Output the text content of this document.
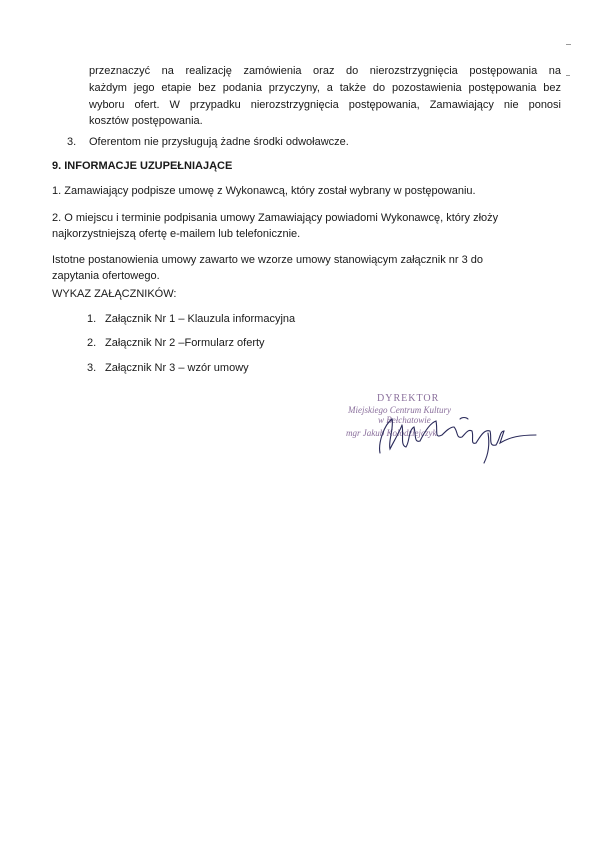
przeznaczyć na realizację zamówienia oraz do nierozstrzygnięcia postępowania na

każdym jego etapie bez podania przyczyny, a także do pozostawienia postępowania bez

wyboru ofert. W przypadku nierozstrzygnięcia postępowania, Zamawiający nie ponosi

kosztów postępowania.

3. Oferentom nie przysługują żadne środki odwoławcze.

9. INFORMACJE UZUPEŁNIAJĄCE

1. Zamawiający podpisze umowę z Wykonawcą, który został wybrany w postępowaniu.

2. O miejscu i terminie podpisania umowy Zamawiający powiadomi Wykonawcę, który złoży

najkorzystniejszą ofertę e-mailem lub telefonicznie.

Istotne postanowienia umowy zawarto we wzorze umowy stanowiącym załącznik nr 3 do

zapytania ofertowego.

WYKAZ ZAŁĄCZNIKÓW:

1. Załącznik Nr 1 – Klauzula informacyjna

2. Załącznik Nr 2 –Formularz oferty

3. Załącznik Nr 3 – wzór umowy

DYREKTOR
Miejskiego Centrum Kultury
w Bełchatowie
mgr Jakub Kołodziejczyk
